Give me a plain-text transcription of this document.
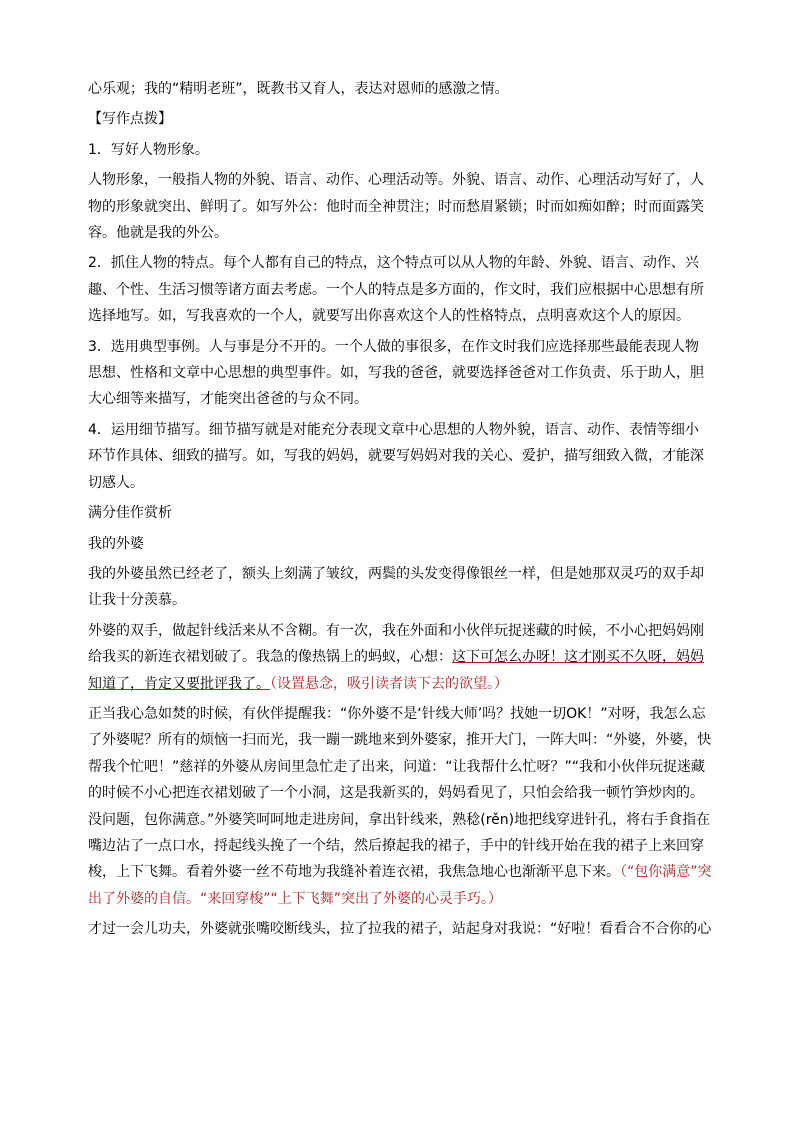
心乐观；我的“精明老班”，既教书又育人，表达对恩师的感激之情。

【写作点拨】

1．写好人物形象。

人物形象，一般指人物的外貌、语言、动作、心理活动等。外貌、语言、动作、心理活动写好了，人物的形象就突出、鲜明了。如写外公：他时而全神贯注；时而愁眉紧锁；时而如痴如醉；时而面露笑容。他就是我的外公。

2．抓住人物的特点。每个人都有自己的特点，这个特点可以从人物的年龄、外貌、语言、动作、兴趣、个性、生活习惯等诸方面去考虑。一个人的特点是多方面的，作文时，我们应根据中心思想有所选择地写。如，写我喜欢的一个人，就要写出你喜欢这个人的性格特点，点明喜欢这个人的原因。

3．选用典型事例。人与事是分不开的。一个人做的事很多，在作文时我们应选择那些最能表现人物思想、性格和文章中心思想的典型事件。如，写我的爸爸，就要选择爸爸对工作负责、乐于助人，胆大心细等来描写，才能突出爸爸的与众不同。

4．运用细节描写。细节描写就是对能充分表现文章中心思想的人物外貌，语言、动作、表情等细小环节作具体、细致的描写。如，写我的妈妈，就要写妈妈对我的关心、爱护，描写细致入微，才能深切感人。

满分佳作赏析

我的外婆

我的外婆虽然已经老了，额头上刻满了皱纹，两鬓的头发变得像银丝一样，但是她那双灵巧的双手却让我十分羡慕。

外婆的双手，做起针线活来从不含糊。有一次，我在外面和小伙伴玩捉迷藏的时候，不小心把妈妈刚给我买的新连衣裙划破了。我急的像热锅上的蚂蚁，心想：这下可怎么办呀！这才刚买不久呀，妈妈知道了，肯定又要批评我了。（设置悬念，吸引读者读下去的欲望。）

正当我心急如焚的时候，有伙伴提醒我：“你外婆不是‘针线大师’吗？找她一切OK！”对呀，我怎么忘了外婆呢？所有的烦恼一扫而光，我一蹦一跳地来到外婆家，推开大门，一阵大叫：“外婆，外婆，快帮我个忙吧！”慈祥的外婆从房间里急忙走了出来，问道：“让我帮什么忙呀？”“我和小伙伴玩捉迷藏的时候不小心把连衣裙划破了一个小洞，这是我新买的，妈妈看见了，只怕会给我一顿竹笋炒肉的。没问题，包你满意。”外婆笑呵呵地走进房间，拿出针线来，熟稔(rěn)地把线穿进针孔，将右手食指在嘴边沾了一点口水，捋起线头挽了一个结，然后撩起我的裙子，手中的针线开始在我的裙子上来回穿梭，上下飞舞。看着外婆一丝不苟地为我缝补着连衣裙，我焦急地心也渐渐平息下来。（“包你满意”突出了外婆的自信。“来回穿梭”“上下飞舞”突出了外婆的心灵手巧。）

才过一会儿功夫，外婆就张嘴咬断线头，拉了拉我的裙子，站起身对我说：“好啦！看看合不合你的心
